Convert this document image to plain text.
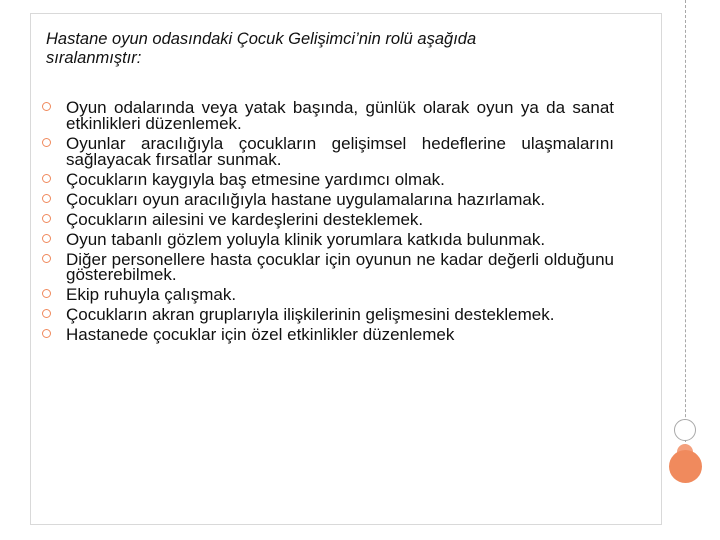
Hastane oyun odasındaki Çocuk Gelişimci’nin rolü aşağıda
sıralanmıştır:
Oyun odalarında veya yatak başında, günlük olarak oyun ya da sanat etkinlikleri düzenlemek.
Oyunlar aracılığıyla çocukların gelişimsel hedeflerine ulaşmalarını sağlayacak fırsatlar sunmak.
Çocukların kaygıyla baş etmesine yardımcı olmak.
Çocukları oyun aracılığıyla hastane uygulamalarına hazırlamak.
Çocukların ailesini ve kardeşlerini desteklemek.
Oyun tabanlı gözlem yoluyla klinik yorumlara katkıda bulunmak.
Diğer personellere hasta çocuklar için oyunun ne kadar değerli olduğunu gösterebilmek.
Ekip ruhuyla çalışmak.
Çocukların akran gruplarıyla ilişkilerinin gelişmesini desteklemek.
Hastanede çocuklar için özel etkinlikler düzenlemek
